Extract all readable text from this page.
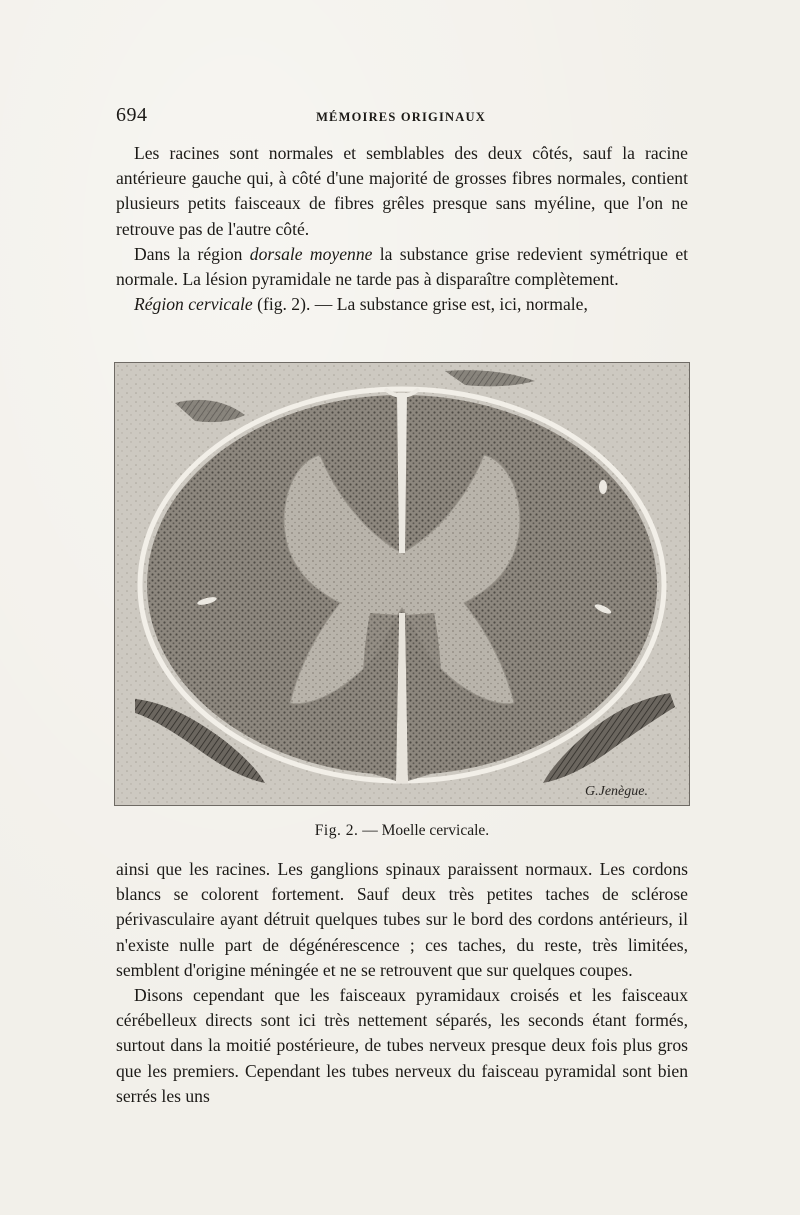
694	MÉMOIRES ORIGINAUX

Les racines sont normales et semblables des deux côtés, sauf la racine antérieure gauche qui, à côté d'une majorité de grosses fibres normales, contient plusieurs petits faisceaux de fibres grêles presque sans myéline, que l'on ne retrouve pas de l'autre côté.

Dans la région dorsale moyenne la substance grise redevient symétrique et normale. La lésion pyramidale ne tarde pas à disparaître complètement.

Région cervicale (fig. 2). — La substance grise est, ici, normale,

G.Jenègue.
Fig. 2. — Moelle cervicale.

ainsi que les racines. Les ganglions spinaux paraissent normaux. Les cordons blancs se colorent fortement. Sauf deux très petites taches de sclérose périvasculaire ayant détruit quelques tubes sur le bord des cordons antérieurs, il n'existe nulle part de dégénérescence ; ces taches, du reste, très limitées, semblent d'origine méningée et ne se retrouvent que sur quelques coupes.

Disons cependant que les faisceaux pyramidaux croisés et les faisceaux cérébelleux directs sont ici très nettement séparés, les seconds étant formés, surtout dans la moitié postérieure, de tubes nerveux presque deux fois plus gros que les premiers. Cependant les tubes nerveux du faisceau pyramidal sont bien serrés les uns
